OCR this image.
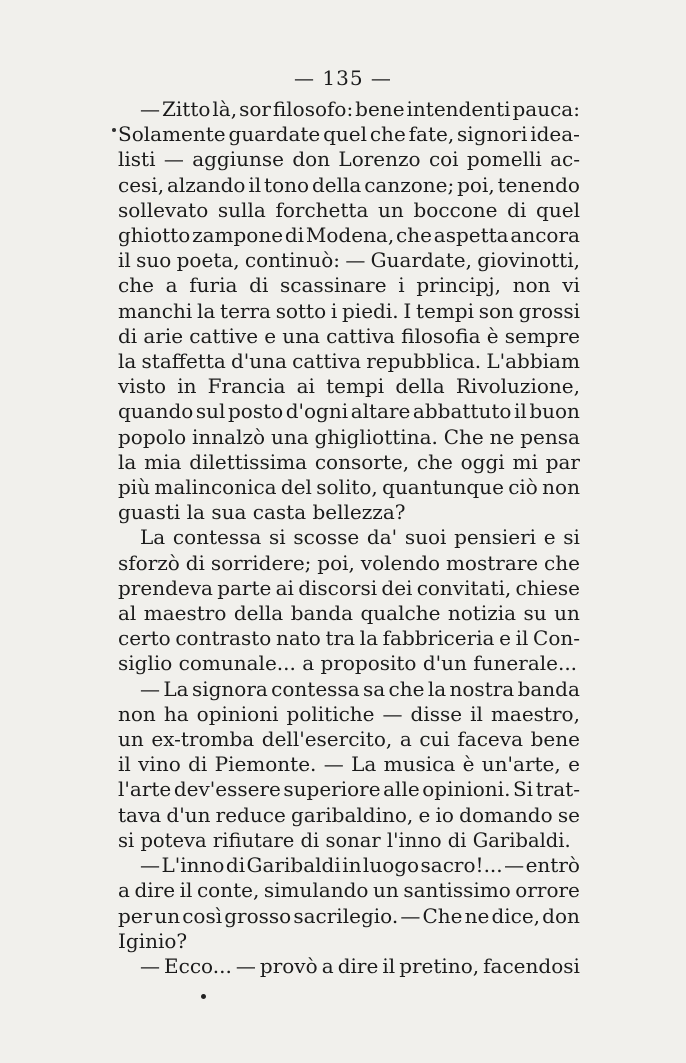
— 135 —
— Zitto là, sor filosofo: bene intendenti pauca:
Solamente guardate quel che fate, signori idea-
listi — aggiunse don Lorenzo coi pomelli ac-
cesi, alzando il tono della canzone; poi, tenendo
sollevato sulla forchetta un boccone di quel
ghiotto zampone di Modena, che aspetta ancora
il suo poeta, continuò: — Guardate, giovinotti,
che a furia di scassinare i principj, non vi
manchi la terra sotto i piedi. I tempi son grossi
di arie cattive e una cattiva filosofia è sempre
la staffetta d'una cattiva repubblica. L'abbiam
visto in Francia ai tempi della Rivoluzione,
quando sul posto d'ogni altare abbattuto il buon
popolo innalzò una ghigliottina. Che ne pensa
la mia dilettissima consorte, che oggi mi par
più malinconica del solito, quantunque ciò non
guasti la sua casta bellezza?
La contessa si scosse da' suoi pensieri e si
sforzò di sorridere; poi, volendo mostrare che
prendeva parte ai discorsi dei convitati, chiese
al maestro della banda qualche notizia su un
certo contrasto nato tra la fabbriceria e il Con-
siglio comunale... a proposito d'un funerale...
— La signora contessa sa che la nostra banda
non ha opinioni politiche — disse il maestro,
un ex-tromba dell'esercito, a cui faceva bene
il vino di Piemonte. — La musica è un'arte, e
l'arte dev'essere superiore alle opinioni. Si trat-
tava d'un reduce garibaldino, e io domando se
si poteva rifiutare di sonar l'inno di Garibaldi.
— L'inno di Garibaldi in luogo sacro!... — entrò
a dire il conte, simulando un santissimo orrore
per un così grosso sacrilegio. — Che ne dice, don
Iginio?
— Ecco... — provò a dire il pretino, facendosi
